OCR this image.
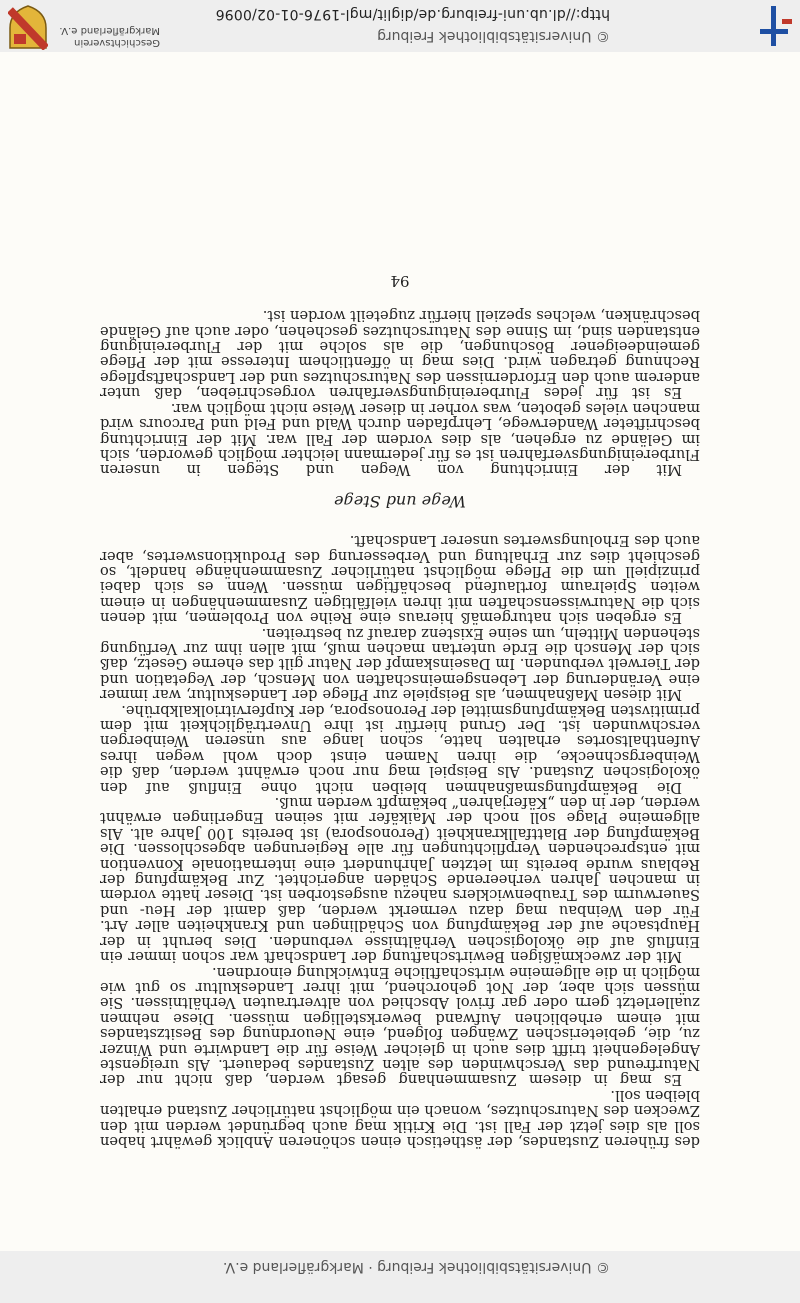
© Universitätsbibliothek Freiburg · Markgräflerland e.V.

des früheren Zustandes, der ästhetisch einen schöneren Anblick gewährt haben soll als dies jetzt der Fall ist. Die Kritik mag auch begründet werden mit den Zwecken des Naturschutzes, wonach ein möglichst natürlicher Zustand erhalten bleiben soll.

Es mag in diesem Zusammenhang gesagt werden, daß nicht nur der Naturfreund das Verschwinden des alten Zustandes bedauert. Als ureigenste Angelegenheit trifft dies auch in gleicher Weise für die Landwirte und Winzer zu, die, gebieterischen Zwängen folgend, eine Neuordnung des Besitzstandes mit einem erheblichen Aufwand bewerkstelligen müssen. Diese nehmen zuallerletzt gern oder gar frivol Abschied von altvertrauten Verhältnissen. Sie müssen sich aber, der Not gehorchend, mit ihrer Landeskultur so gut wie möglich in die allgemeine wirtschaftliche Entwicklung einordnen.

Mit der zweckmäßigen Bewirtschaftung der Landschaft war schon immer ein Einfluß auf die ökologischen Verhältnisse verbunden. Dies beruht in der Hauptsache auf der Bekämpfung von Schädlingen und Krankheiten aller Art. Für den Weinbau mag dazu vermerkt werden, daß damit der Heu- und Sauerwurm des Traubenwicklers nahezu ausgestorben ist. Dieser hatte vordem in manchen Jahren verheerende Schäden angerichtet. Zur Bekämpfung der Reblaus wurde bereits im letzten Jahrhundert eine internationale Konvention mit entsprechenden Verpflichtungen für alle Regierungen abgeschlossen. Die Bekämpfung der Blattfallkrankheit (Peronospora) ist bereits 100 Jahre alt. Als allgemeine Plage soll noch der Maikäfer mit seinen Engerlingen erwähnt werden, der in den „Käferjahren“ bekämpft werden muß.

Die Bekämpfungsmaßnahmen bleiben nicht ohne Einfluß auf den ökologischen Zustand. Als Beispiel mag nur noch erwähnt werden, daß die Weinbergschnecke, die ihren Namen einst doch wohl wegen ihres Aufenthaltsortes erhalten hatte, schon lange aus unseren Weinbergen verschwunden ist. Der Grund hierfür ist ihre Unverträglichkeit mit dem primitivsten Bekämpfungsmittel der Peronospora, der Kupfervitriolkalkbrühe.

Mit diesen Maßnahmen, als Beispiele zur Pflege der Landeskultur, war immer eine Veränderung der Lebensgemeinschaften von Mensch, der Vegetation und der Tierwelt verbunden. Im Daseinskampf der Natur gilt das eherne Gesetz, daß sich der Mensch die Erde untertan machen muß, mit allen ihm zur Verfügung stehenden Mitteln, um seine Existenz darauf zu bestreiten.

Es ergeben sich naturgemäß hieraus eine Reihe von Problemen, mit denen sich die Naturwissenschaften mit ihren vielfältigen Zusammenhängen in einem weiten Spielraum fortlaufend beschäftigen müssen. Wenn es sich dabei prinzipiell um die Pflege möglichst natürlicher Zusammenhänge handelt, so geschieht dies zur Erhaltung und Verbesserung des Produktionswertes, aber auch des Erholungswertes unserer Landschaft.

Wege und Stege

Mit der Einrichtung von Wegen und Stegen in unseren Flurbereinigungsverfahren ist es für jedermann leichter möglich geworden, sich im Gelände zu ergehen, als dies vordem der Fall war. Mit der Einrichtung beschrifteter Wanderwege, Lehrpfaden durch Wald und Feld und Parcours wird manchen vieles geboten, was vorher in dieser Weise nicht möglich war.

Es ist für jedes Flurbereinigungsverfahren vorgeschrieben, daß unter anderem auch den Erfordernissen des Naturschutzes und der Landschaftspflege Rechnung getragen wird. Dies mag in öffentlichem Interesse mit der Pflege gemeindeeigener Böschungen, die als solche mit der Flurbereinigung entstanden sind, im Sinne des Naturschutzes geschehen, oder auch auf Gelände beschränken, welches speziell hierfür zugeteilt worden ist.

94
© Universitätsbibliothek Freiburg
http://dl.ub.uni-freiburg.de/diglit/mgl-1976-01-02/0096
Geschichtsverein
Markgräflerland e.V.
